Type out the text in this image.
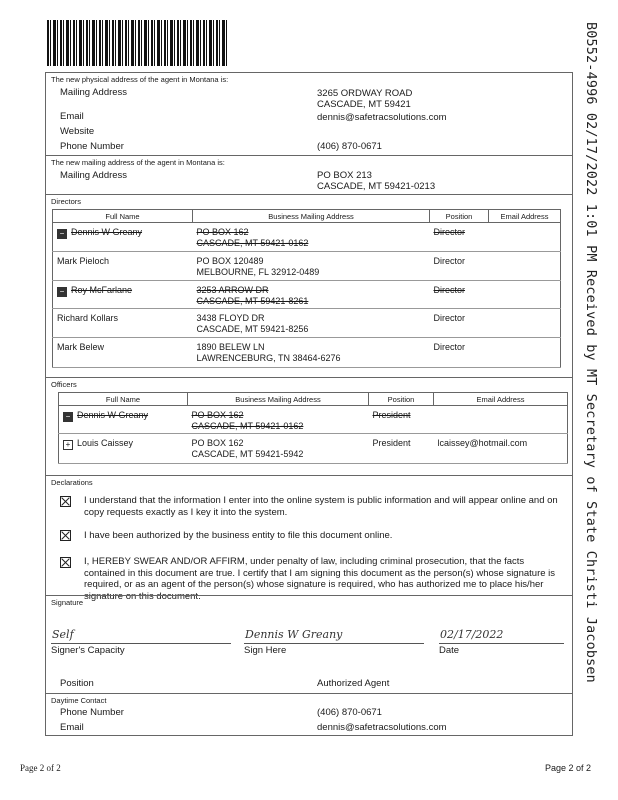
B0552-4996 02/17/2022 1:01 PM Received by MT Secretary of State Christi Jacobsen
The new physical address of the agent in Montana is:
Mailing Address	3265 ORDWAY ROAD
CASCADE, MT 59421
Email	dennis@safetracsolutions.com
Website
Phone Number	(406) 870-0671
The new mailing address of the agent in Montana is:
Mailing Address	PO BOX 213
CASCADE, MT 59421-0213
Directors
Full Name	Business Mailing Address	Position	Email Address
− Dennis W Greany	PO BOX 162
CASCADE, MT 59421-0162	Director	
Mark Pieloch	PO BOX 120489
MELBOURNE, FL 32912-0489	Director	
− Roy McFarlane	3253 ARROW DR
CASCADE, MT 59421-8261	Director	
Richard Kollars	3438 FLOYD DR
CASCADE, MT 59421-8256	Director	
Mark Belew	1890 BELEW LN
LAWRENCEBURG, TN 38464-6276	Director	
Officers
Full Name	Business Mailing Address	Position	Email Address
− Dennis W Greany	PO BOX 162
CASCADE, MT 59421-0162	President	
+ Louis Caissey	PO BOX 162
CASCADE, MT 59421-5942	President	lcaissey@hotmail.com
Declarations
I understand that the information I enter into the online system is public information and will appear online and on copy requests exactly as I key it into the system.
I have been authorized by the business entity to file this document online.
I, HEREBY SWEAR AND/OR AFFIRM, under penalty of law, including criminal prosecution, that the facts contained in this document are true. I certify that I am signing this document as the person(s) whose signature is required, or as an agent of the person(s) whose signature is required, who has authorized me to place his/her signature on this document.
Signature
Self	Dennis W Greany	02/17/2022
Signer's Capacity	Sign Here	Date
Position	Authorized Agent
Daytime Contact
Phone Number	(406) 870-0671
Email	dennis@safetracsolutions.com
Page 2 of 2	Page 2 of 2
